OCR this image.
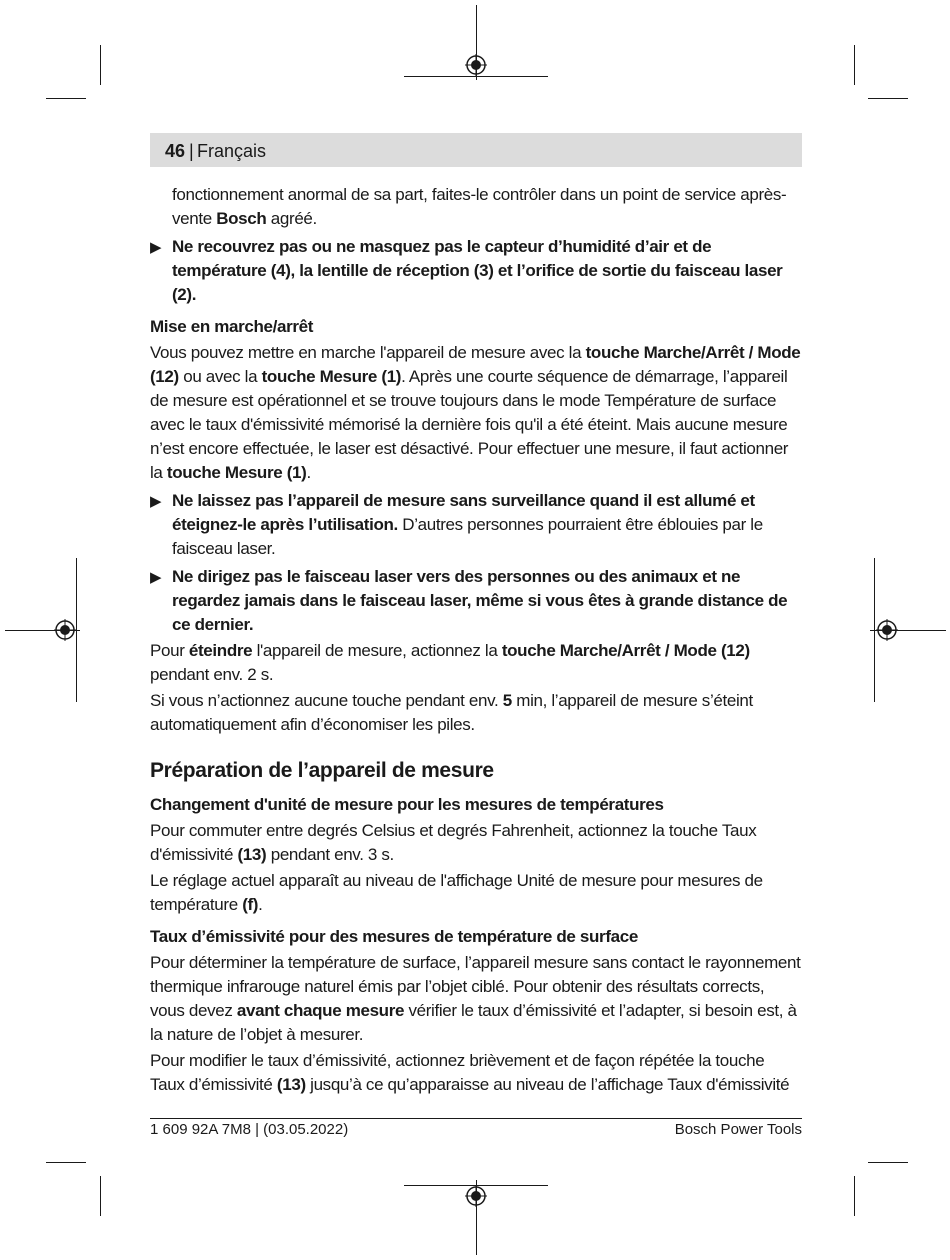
46 | Français

fonctionnement anormal de sa part, faites-le contrôler dans un point de service après-vente Bosch agréé.

▶ Ne recouvrez pas ou ne masquez pas le capteur d’humidité d’air et de température (4), la lentille de réception (3) et l’orifice de sortie du faisceau laser (2).
Mise en marche/arrêt

Vous pouvez mettre en marche l'appareil de mesure avec la touche Marche/Arrêt / Mode (12) ou avec la touche Mesure (1). Après une courte séquence de démarrage, l’appareil de mesure est opérationnel et se trouve toujours dans le mode Température de surface avec le taux d'émissivité mémorisé la dernière fois qu'il a été éteint. Mais aucune mesure n’est encore effectuée, le laser est désactivé. Pour effectuer une mesure, il faut actionner la touche Mesure (1).

▶ Ne laissez pas l’appareil de mesure sans surveillance quand il est allumé et éteignez-le après l’utilisation. D’autres personnes pourraient être éblouies par le faisceau laser.
▶ Ne dirigez pas le faisceau laser vers des personnes ou des animaux et ne regardez jamais dans le faisceau laser, même si vous êtes à grande distance de ce dernier.

Pour éteindre l'appareil de mesure, actionnez la touche Marche/Arrêt / Mode (12) pendant env. 2 s.

Si vous n’actionnez aucune touche pendant env. 5 min, l’appareil de mesure s’éteint automatiquement afin d’économiser les piles.

Préparation de l’appareil de mesure
Changement d'unité de mesure pour les mesures de températures

Pour commuter entre degrés Celsius et degrés Fahrenheit, actionnez la touche Taux d'émissivité (13) pendant env. 3 s.

Le réglage actuel apparaît au niveau de l'affichage Unité de mesure pour mesures de température (f).

Taux d’émissivité pour des mesures de température de surface

Pour déterminer la température de surface, l’appareil mesure sans contact le rayonnement thermique infrarouge naturel émis par l’objet ciblé. Pour obtenir des résultats corrects, vous devez avant chaque mesure vérifier le taux d’émissivité et l’adapter, si besoin est, à la nature de l’objet à mesurer.

Pour modifier le taux d’émissivité, actionnez brièvement et de façon répétée la touche Taux d’émissivité (13) jusqu’à ce qu’apparaisse au niveau de l’affichage Taux d'émissivité

1 609 92A 7M8 | (03.05.2022)	Bosch Power Tools
